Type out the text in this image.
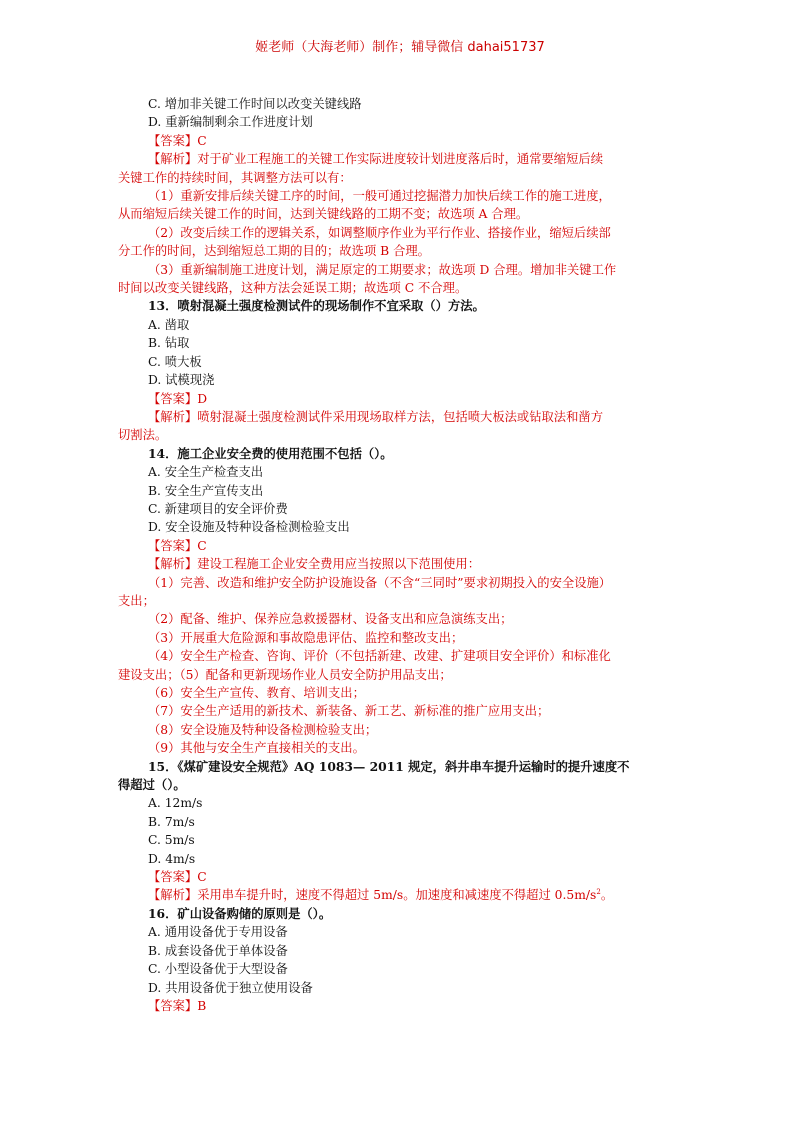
姬老师（大海老师）制作；辅导微信 dahai51737
C. 增加非关键工作时间以改变关键线路
D. 重新编制剩余工作进度计划
【答案】C
【解析】对于矿业工程施工的关键工作实际进度较计划进度落后时，通常要缩短后续
关键工作的持续时间，其调整方法可以有：
（1）重新安排后续关键工序的时间，一般可通过挖掘潜力加快后续工作的施工进度，
从而缩短后续关键工作的时间，达到关键线路的工期不变；故选项 A 合理。
（2）改变后续工作的逻辑关系，如调整顺序作业为平行作业、搭接作业，缩短后续部
分工作的时间，达到缩短总工期的目的；故选项 B 合理。
（3）重新编制施工进度计划，满足原定的工期要求；故选项 D 合理。增加非关键工作
时间以改变关键线路，这种方法会延误工期；故选项 C 不合理。
13．喷射混凝土强度检测试件的现场制作不宜采取（）方法。
A. 凿取
B. 钻取
C. 喷大板
D. 试模现浇
【答案】D
【解析】喷射混凝土强度检测试件采用现场取样方法，包括喷大板法或钻取法和凿方
切割法。
14．施工企业安全费的使用范围不包括（）。
A. 安全生产检查支出
B. 安全生产宣传支出
C. 新建项目的安全评价费
D. 安全设施及特种设备检测检验支出
【答案】C
【解析】建设工程施工企业安全费用应当按照以下范围使用：
（1）完善、改造和维护安全防护设施设备（不含“三同时”要求初期投入的安全设施）
支出；
（2）配备、维护、保养应急救援器材、设备支出和应急演练支出；
（3）开展重大危险源和事故隐患评估、监控和整改支出；
（4）安全生产检查、咨询、评价（不包括新建、改建、扩建项目安全评价）和标准化
建设支出；（5）配备和更新现场作业人员安全防护用品支出；
（6）安全生产宣传、教育、培训支出；
（7）安全生产适用的新技术、新装备、新工艺、新标准的推广应用支出；
（8）安全设施及特种设备检测检验支出；
（9）其他与安全生产直接相关的支出。
15．《煤矿建设安全规范》AQ 1083— 2011 规定，斜井串车提升运输时的提升速度不
得超过（）。
A. 12m/s
B. 7m/s
C. 5m/s
D. 4m/s
【答案】C
【解析】采用串车提升时，速度不得超过 5m/s。加速度和减速度不得超过 $0.5m/s^2$。
16．矿山设备购储的原则是（）。
A. 通用设备优于专用设备
B. 成套设备优于单体设备
C. 小型设备优于大型设备
D. 共用设备优于独立使用设备
【答案】B
